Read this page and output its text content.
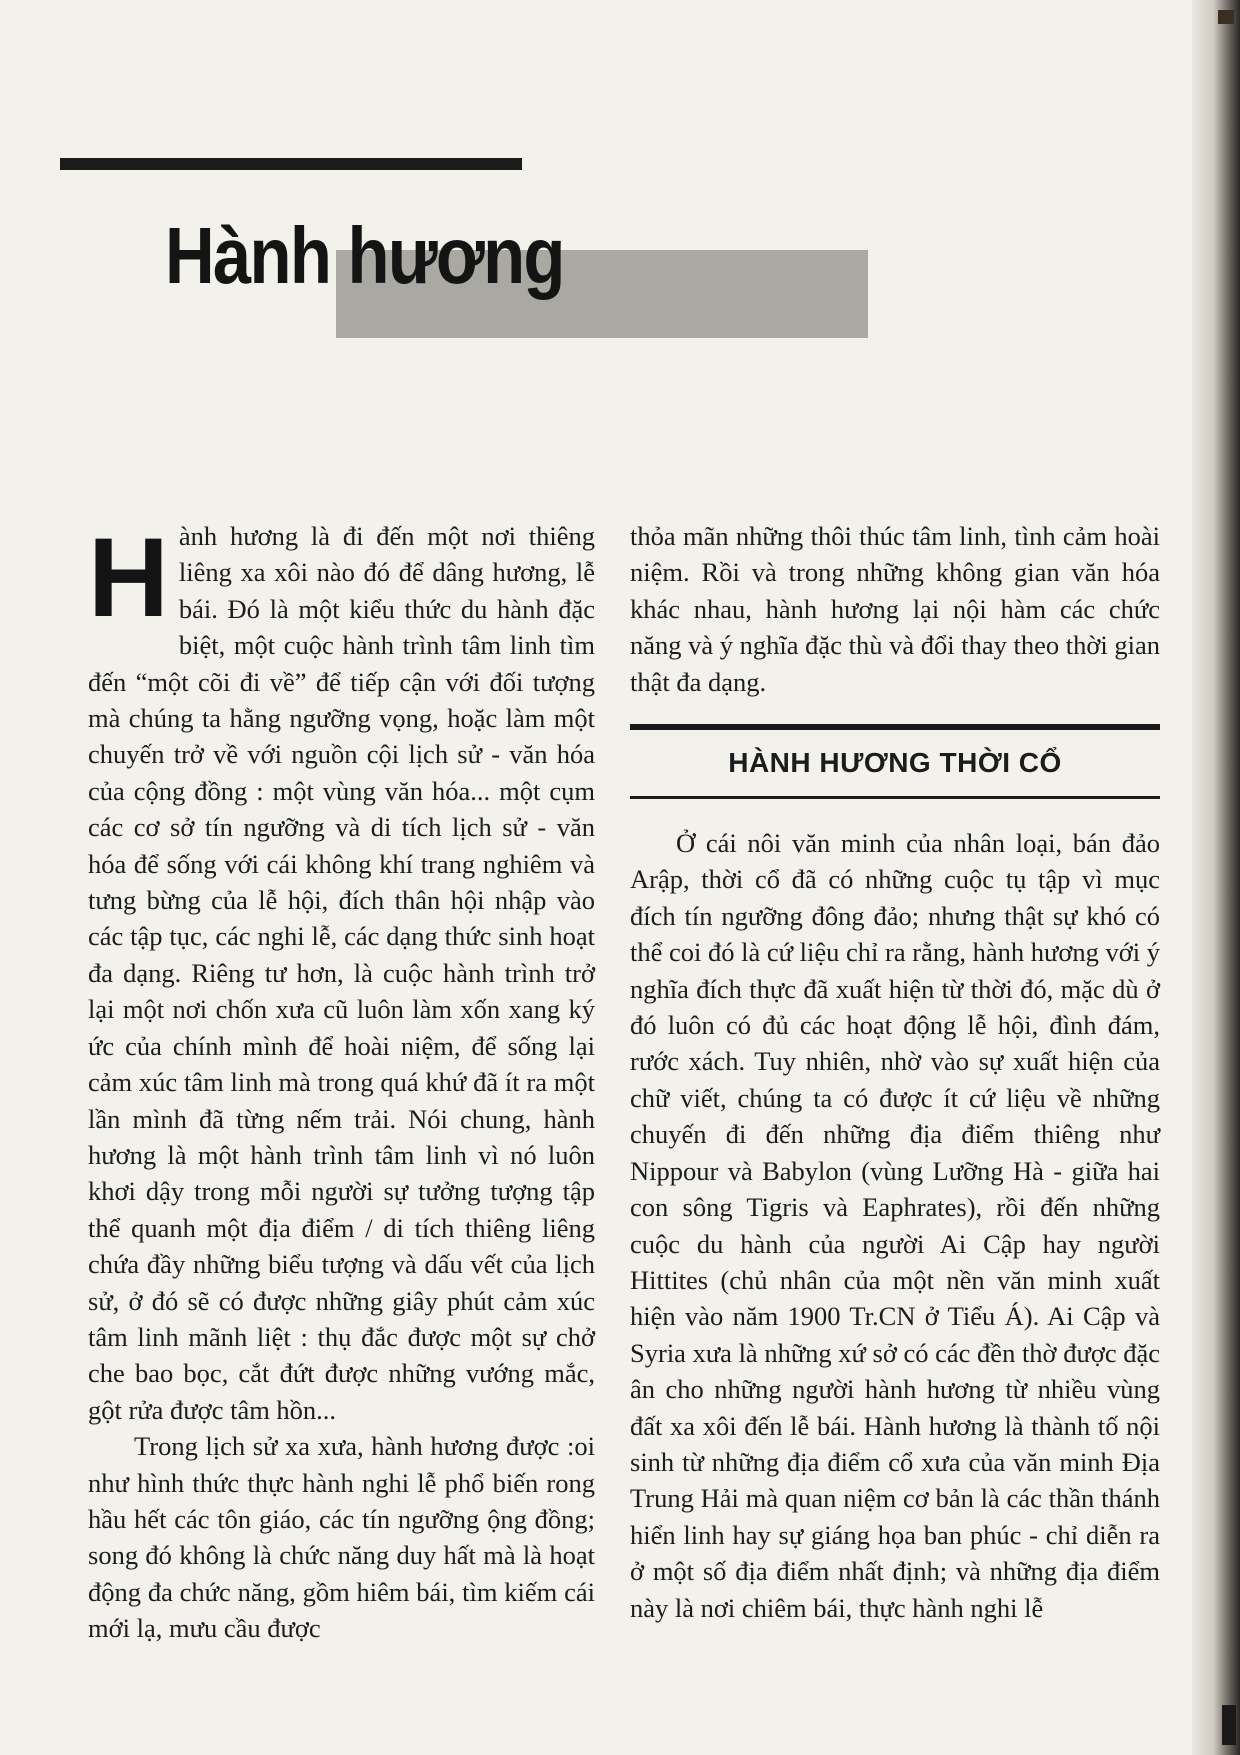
Hành hương

Hành hương là đi đến một nơi thiêng liêng xa xôi nào đó để dâng hương, lễ bái. Đó là một kiểu thức du hành đặc biệt, một cuộc hành trình tâm linh tìm đến “một cõi đi về” để tiếp cận với đối tượng mà chúng ta hằng ngưỡng vọng, hoặc làm một chuyến trở về với nguồn cội lịch sử - văn hóa của cộng đồng : một vùng văn hóa... một cụm các cơ sở tín ngưỡng và di tích lịch sử - văn hóa để sống với cái không khí trang nghiêm và tưng bừng của lễ hội, đích thân hội nhập vào các tập tục, các nghi lễ, các dạng thức sinh hoạt đa dạng. Riêng tư hơn, là cuộc hành trình trở lại một nơi chốn xưa cũ luôn làm xốn xang ký ức của chính mình để hoài niệm, để sống lại cảm xúc tâm linh mà trong quá khứ đã ít ra một lần mình đã từng nếm trải. Nói chung, hành hương là một hành trình tâm linh vì nó luôn khơi dậy trong mỗi người sự tưởng tượng tập thể quanh một địa điểm / di tích thiêng liêng chứa đầy những biểu tượng và dấu vết của lịch sử, ở đó sẽ có được những giây phút cảm xúc tâm linh mãnh liệt : thụ đắc được một sự chở che bao bọc, cắt đứt được những vướng mắc, gột rửa được tâm hồn...

Trong lịch sử xa xưa, hành hương được :oi như hình thức thực hành nghi lễ phổ biến rong hầu hết các tôn giáo, các tín ngưỡng ộng đồng; song đó không là chức năng duy hất mà là hoạt động đa chức năng, gồm hiêm bái, tìm kiếm cái mới lạ, mưu cầu được

thỏa mãn những thôi thúc tâm linh, tình cảm hoài niệm. Rồi và trong những không gian văn hóa khác nhau, hành hương lại nội hàm các chức năng và ý nghĩa đặc thù và đổi thay theo thời gian thật đa dạng.

HÀNH HƯƠNG THỜI CỔ

Ở cái nôi văn minh của nhân loại, bán đảo Arập, thời cổ đã có những cuộc tụ tập vì mục đích tín ngưỡng đông đảo; nhưng thật sự khó có thể coi đó là cứ liệu chỉ ra rằng, hành hương với ý nghĩa đích thực đã xuất hiện từ thời đó, mặc dù ở đó luôn có đủ các hoạt động lễ hội, đình đám, rước xách. Tuy nhiên, nhờ vào sự xuất hiện của chữ viết, chúng ta có được ít cứ liệu về những chuyến đi đến những địa điểm thiêng như Nippour và Babylon (vùng Lưỡng Hà - giữa hai con sông Tigris và Eaphrates), rồi đến những cuộc du hành của người Ai Cập hay người Hittites (chủ nhân của một nền văn minh xuất hiện vào năm 1900 Tr.CN ở Tiểu Á). Ai Cập và Syria xưa là những xứ sở có các đền thờ được đặc ân cho những người hành hương từ nhiều vùng đất xa xôi đến lễ bái. Hành hương là thành tố nội sinh từ những địa điểm cổ xưa của văn minh Địa Trung Hải mà quan niệm cơ bản là các thần thánh hiển linh hay sự giáng họa ban phúc - chỉ diễn ra ở một số địa điểm nhất định; và những địa điểm này là nơi chiêm bái, thực hành nghi lễ
